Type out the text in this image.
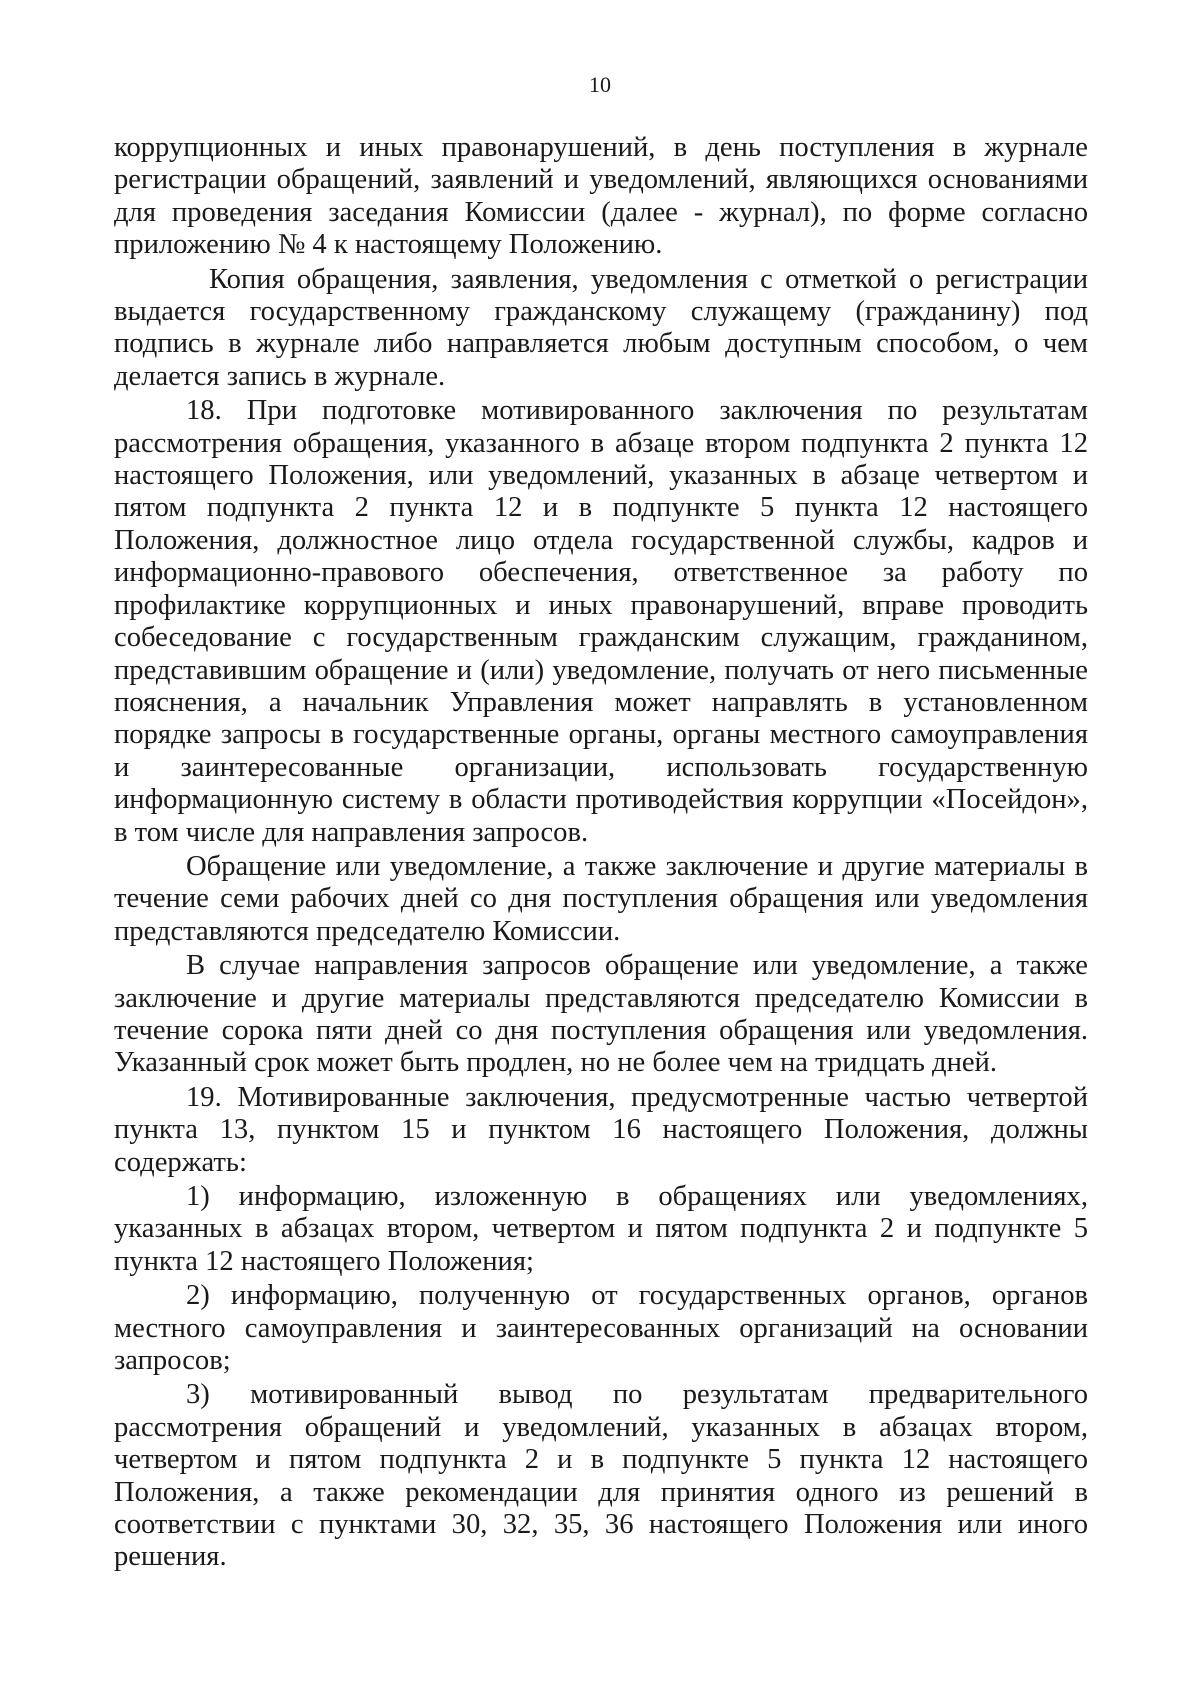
10

коррупционных и иных правонарушений, в день поступления в журнале регистрации обращений, заявлений и уведомлений, являющихся основаниями для проведения заседания Комиссии (далее - журнал), по форме согласно приложению № 4 к настоящему Положению.

Копия обращения, заявления, уведомления с отметкой о регистрации выдается государственному гражданскому служащему (гражданину) под подпись в журнале либо направляется любым доступным способом, о чем делается запись в журнале.

18. При подготовке мотивированного заключения по результатам рассмотрения обращения, указанного в абзаце втором подпункта 2 пункта 12 настоящего Положения, или уведомлений, указанных в абзаце четвертом и пятом подпункта 2 пункта 12 и в подпункте 5 пункта 12 настоящего Положения, должностное лицо отдела государственной службы, кадров и информационно-правового обеспечения, ответственное за работу по профилактике коррупционных и иных правонарушений, вправе проводить собеседование с государственным гражданским служащим, гражданином, представившим обращение и (или) уведомление, получать от него письменные пояснения, а начальник Управления может направлять в установленном порядке запросы в государственные органы, органы местного самоуправления и заинтересованные организации, использовать государственную информационную систему в области противодействия коррупции «Посейдон», в том числе для направления запросов.

Обращение или уведомление, а также заключение и другие материалы в течение семи рабочих дней со дня поступления обращения или уведомления представляются председателю Комиссии.

В случае направления запросов обращение или уведомление, а также заключение и другие материалы представляются председателю Комиссии в течение сорока пяти дней со дня поступления обращения или уведомления. Указанный срок может быть продлен, но не более чем на тридцать дней.

19. Мотивированные заключения, предусмотренные частью четвертой пункта 13, пунктом 15 и пунктом 16 настоящего Положения, должны содержать:

1) информацию, изложенную в обращениях или уведомлениях, указанных в абзацах втором, четвертом и пятом подпункта 2 и подпункте 5 пункта 12 настоящего Положения;

2) информацию, полученную от государственных органов, органов местного самоуправления и заинтересованных организаций на основании запросов;

3) мотивированный вывод по результатам предварительного рассмотрения обращений и уведомлений, указанных в абзацах втором, четвертом и пятом подпункта 2 и в подпункте 5 пункта 12 настоящего Положения, а также рекомендации для принятия одного из решений в соответствии с пунктами 30, 32, 35, 36 настоящего Положения или иного решения.
